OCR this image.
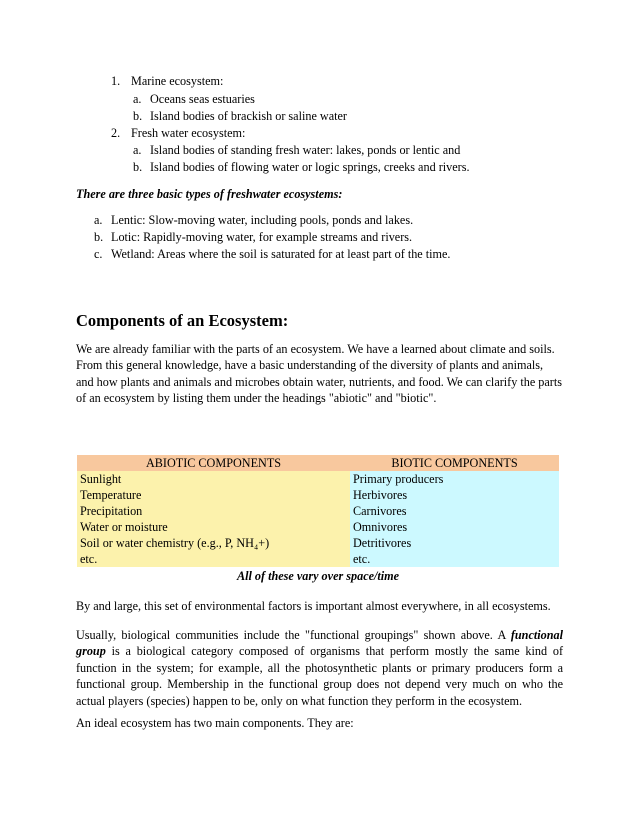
1. Marine ecosystem:
a. Oceans seas estuaries
b. Island bodies of brackish or saline water
2. Fresh water ecosystem:
a. Island bodies of standing fresh water: lakes, ponds or lentic and
b. Island bodies of flowing water or logic springs, creeks and rivers.
There are three basic types of freshwater ecosystems:
a. Lentic: Slow-moving water, including pools, ponds and lakes.
b. Lotic: Rapidly-moving water, for example streams and rivers.
c. Wetland: Areas where the soil is saturated for at least part of the time.
Components of an Ecosystem:
We are already familiar with the parts of an ecosystem. We have a learned about climate and soils. From this general knowledge, have a basic understanding of the diversity of plants and animals, and how plants and animals and microbes obtain water, nutrients, and food. We can clarify the parts of an ecosystem by listing them under the headings "abiotic" and "biotic".
ABIOTIC COMPONENTS	BIOTIC COMPONENTS
Sunlight	Primary producers
Temperature	Herbivores
Precipitation	Carnivores
Water or moisture	Omnivores
Soil or water chemistry (e.g., P, NH₄+)	Detritivores
etc.	etc.
All of these vary over space/time
By and large, this set of environmental factors is important almost everywhere, in all ecosystems.
Usually, biological communities include the "functional groupings" shown above. A functional group is a biological category composed of organisms that perform mostly the same kind of function in the system; for example, all the photosynthetic plants or primary producers form a functional group. Membership in the functional group does not depend very much on who the actual players (species) happen to be, only on what function they perform in the ecosystem.
An ideal ecosystem has two main components. They are:
